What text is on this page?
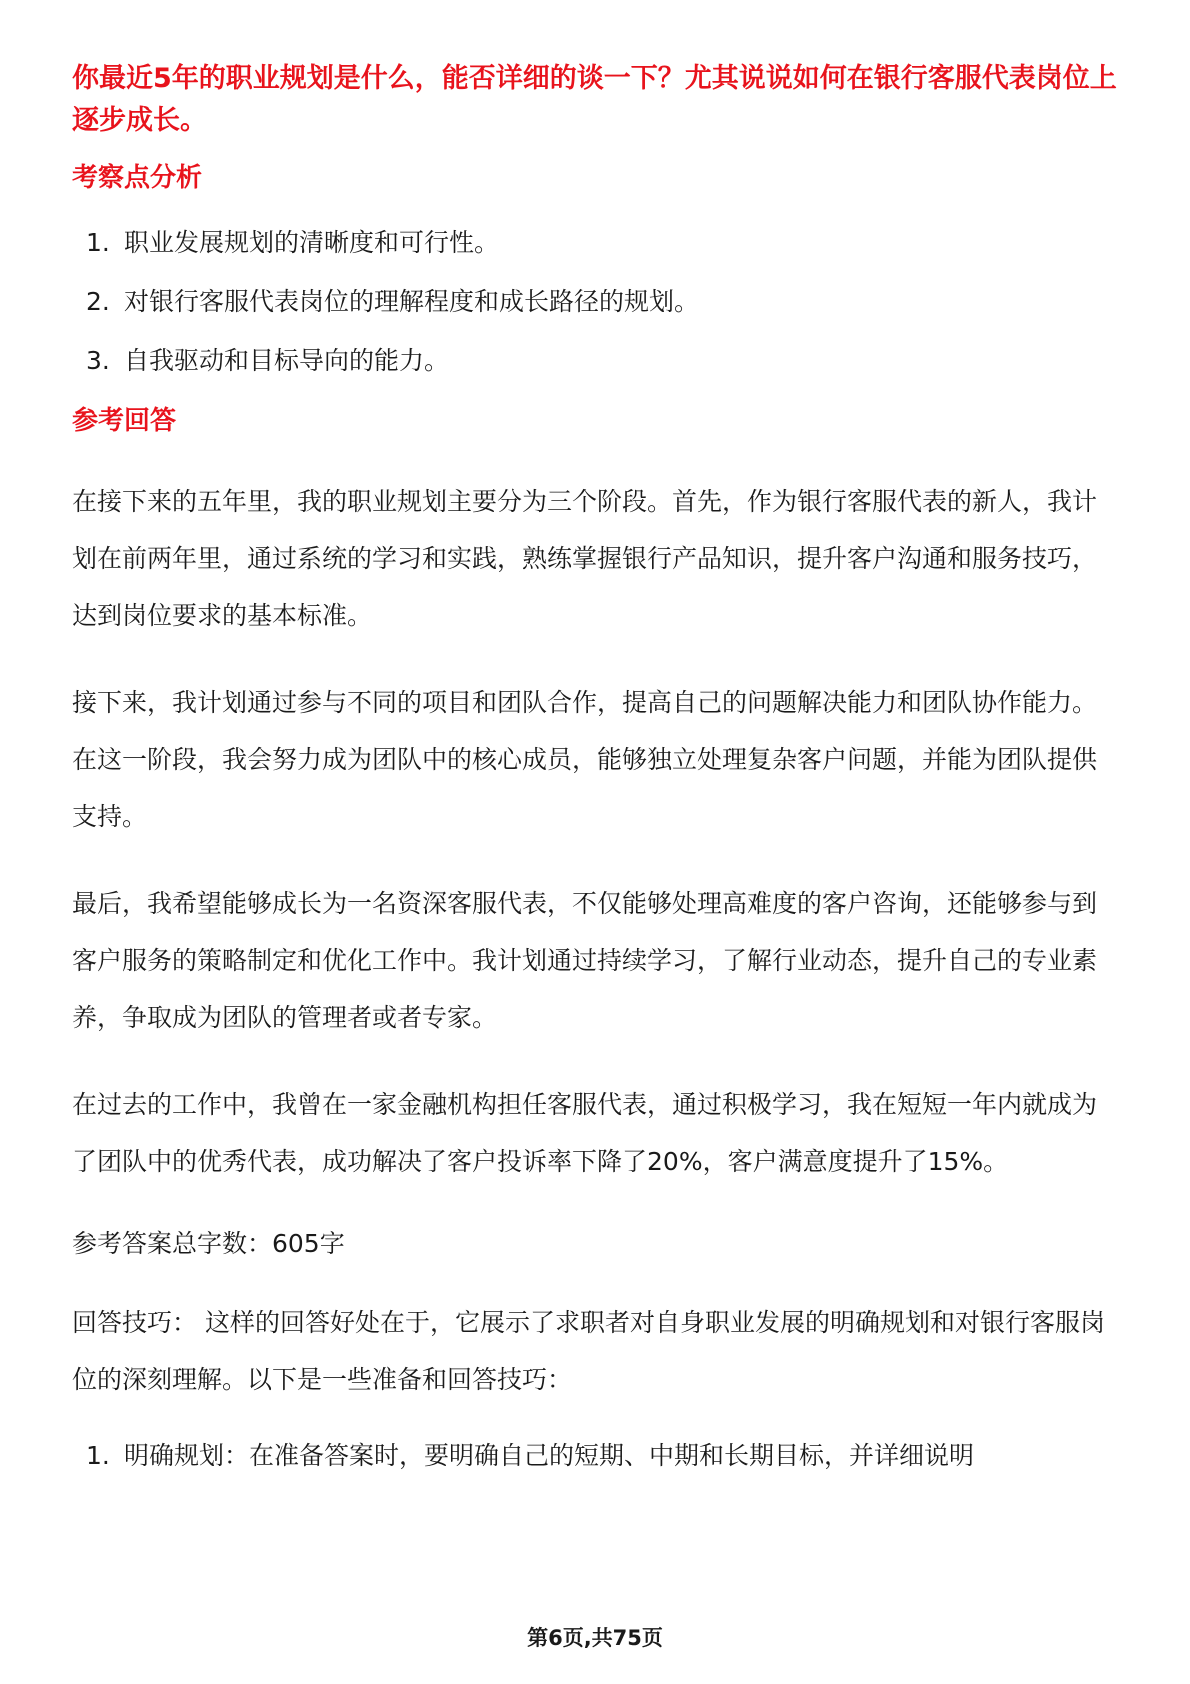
你最近5年的职业规划是什么，能否详细的谈一下？尤其说说如何在银行客服代表岗位上逐步成长。

考察点分析
1. 职业发展规划的清晰度和可行性。
2. 对银行客服代表岗位的理解程度和成长路径的规划。
3. 自我驱动和目标导向的能力。
参考回答

在接下来的五年里，我的职业规划主要分为三个阶段。首先，作为银行客服代表的新人，我计划在前两年里，通过系统的学习和实践，熟练掌握银行产品知识，提升客户沟通和服务技巧，达到岗位要求的基本标准。

接下来，我计划通过参与不同的项目和团队合作，提高自己的问题解决能力和团队协作能力。在这一阶段，我会努力成为团队中的核心成员，能够独立处理复杂客户问题，并能为团队提供支持。

最后，我希望能够成长为一名资深客服代表，不仅能够处理高难度的客户咨询，还能够参与到客户服务的策略制定和优化工作中。我计划通过持续学习，了解行业动态，提升自己的专业素养，争取成为团队的管理者或者专家。

在过去的工作中，我曾在一家金融机构担任客服代表，通过积极学习，我在短短一年内就成为了团队中的优秀代表，成功解决了客户投诉率下降了20%，客户满意度提升了15%。

参考答案总字数：605字

回答技巧： 这样的回答好处在于，它展示了求职者对自身职业发展的明确规划和对银行客服岗位的深刻理解。以下是一些准备和回答技巧：

1. 明确规划：在准备答案时，要明确自己的短期、中期和长期目标，并详细说明
第6页,共75页
